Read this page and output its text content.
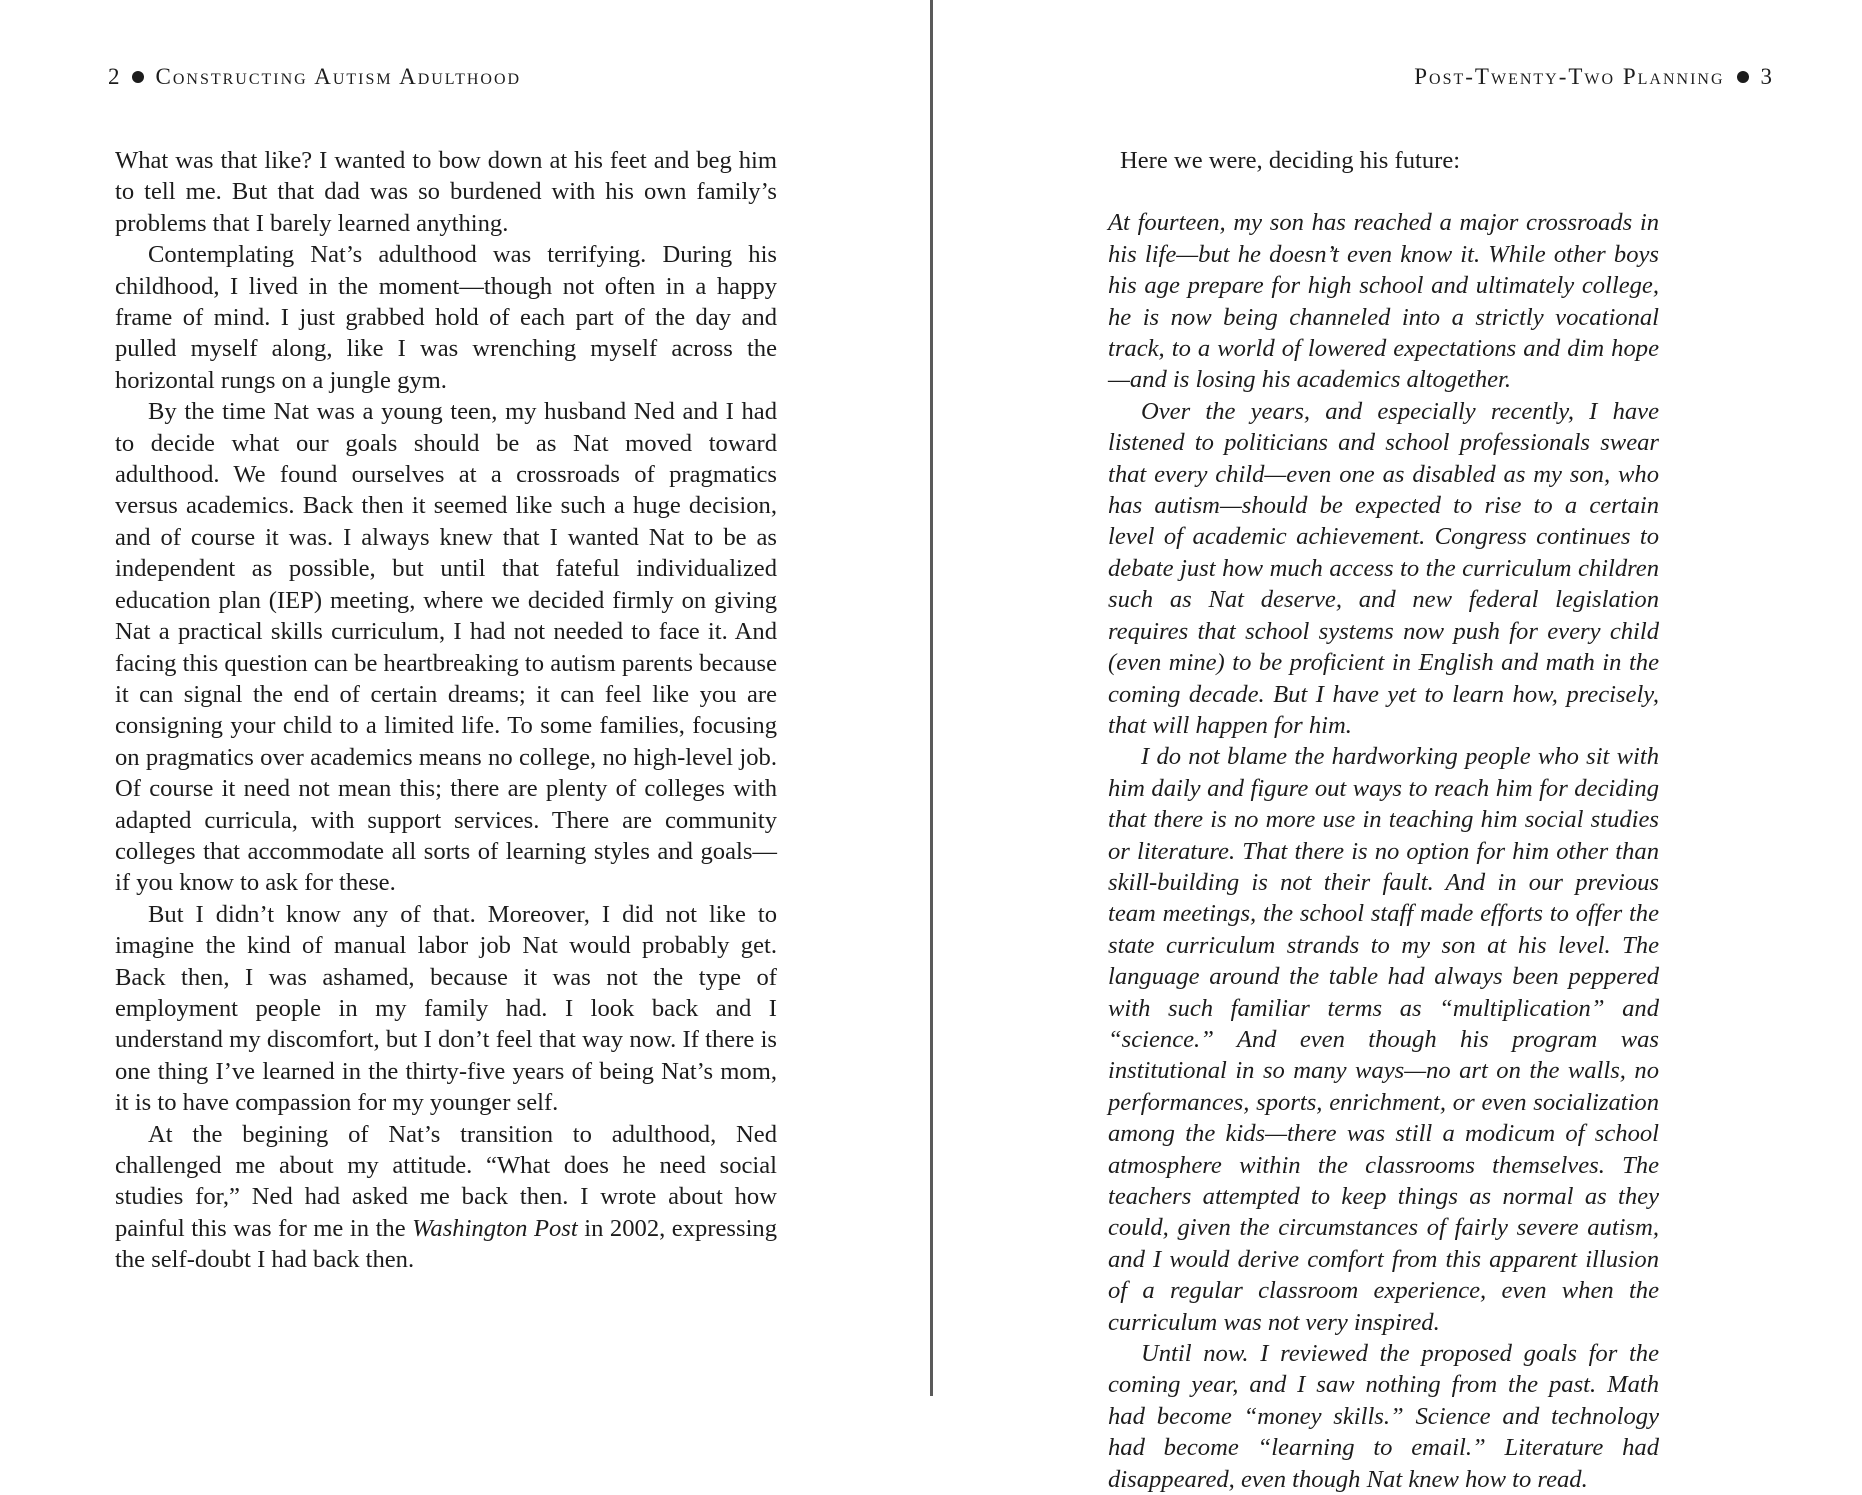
2 Constructing Autism Adulthood

What was that like? I wanted to bow down at his feet and beg him to tell me. But that dad was so burdened with his own family’s problems that I barely learned anything.

Contemplating Nat’s adulthood was terrifying. During his childhood, I lived in the moment—though not often in a happy frame of mind. I just grabbed hold of each part of the day and pulled myself along, like I was wrenching myself across the horizontal rungs on a jungle gym.

By the time Nat was a young teen, my husband Ned and I had to decide what our goals should be as Nat moved toward adulthood. We found ourselves at a crossroads of pragmatics versus academics. Back then it seemed like such a huge decision, and of course it was. I always knew that I wanted Nat to be as independent as possible, but until that fateful individualized education plan (IEP) meeting, where we decided firmly on giving Nat a practical skills curriculum, I had not needed to face it. And facing this question can be heartbreaking to autism parents because it can signal the end of certain dreams; it can feel like you are consigning your child to a limited life. To some families, focusing on pragmatics over academics means no college, no high-level job. Of course it need not mean this; there are plenty of colleges with adapted curricula, with support services. There are community colleges that accommodate all sorts of learning styles and goals—if you know to ask for these.

But I didn’t know any of that. Moreover, I did not like to imagine the kind of manual labor job Nat would probably get. Back then, I was ashamed, because it was not the type of employment people in my family had. I look back and I understand my discomfort, but I don’t feel that way now. If there is one thing I’ve learned in the thirty-five years of being Nat’s mom, it is to have compassion for my younger self.

At the begining of Nat’s transition to adulthood, Ned challenged me about my attitude. “What does he need social studies for,” Ned had asked me back then. I wrote about how painful this was for me in the Washington Post in 2002, expressing the self-doubt I had back then.

Post-Twenty-Two Planning 3

Here we were, deciding his future:

At fourteen, my son has reached a major crossroads in his life—but he doesn’t even know it. While other boys his age prepare for high school and ultimately college, he is now being channeled into a strictly vocational track, to a world of lowered expectations and dim hope—and is losing his academics altogether.

Over the years, and especially recently, I have listened to politicians and school professionals swear that every child—even one as disabled as my son, who has autism—should be expected to rise to a certain level of academic achievement. Congress continues to debate just how much access to the curriculum children such as Nat deserve, and new federal legislation requires that school systems now push for every child (even mine) to be proficient in English and math in the coming decade. But I have yet to learn how, precisely, that will happen for him.

I do not blame the hardworking people who sit with him daily and figure out ways to reach him for deciding that there is no more use in teaching him social studies or literature. That there is no option for him other than skill-building is not their fault. And in our previous team meetings, the school staff made efforts to offer the state curriculum strands to my son at his level. The language around the table had always been peppered with such familiar terms as “multiplication” and “science.” And even though his program was institutional in so many ways—no art on the walls, no performances, sports, enrichment, or even socialization among the kids—there was still a modicum of school atmosphere within the classrooms themselves. The teachers attempted to keep things as normal as they could, given the circumstances of fairly severe autism, and I would derive comfort from this apparent illusion of a regular classroom experience, even when the curriculum was not very inspired.

Until now. I reviewed the proposed goals for the coming year, and I saw nothing from the past. Math had become “money skills.” Science and technology had become “learning to email.” Literature had disappeared, even though Nat knew how to read.
